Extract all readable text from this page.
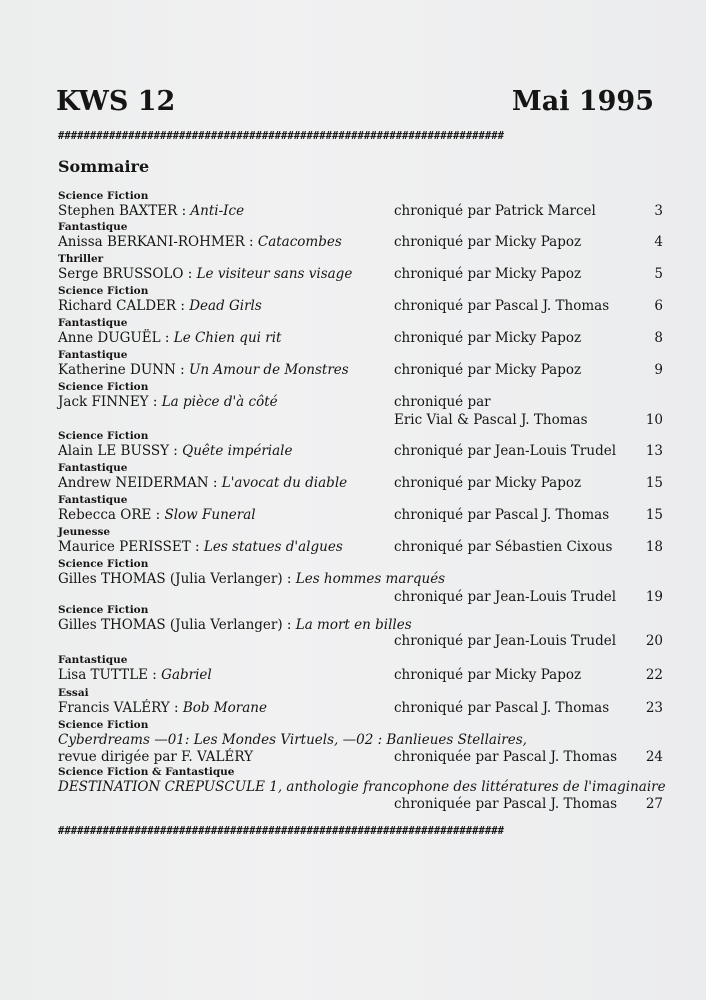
KWS 12	Mai 1995
######################################################################
Sommaire
Science Fiction
Stephen BAXTER : Anti-Ice	chroniqué par Patrick Marcel	3
Fantastique
Anissa BERKANI-ROHMER : Catacombes	chroniqué par Micky Papoz	4
Thriller
Serge BRUSSOLO : Le visiteur sans visage	chroniqué par Micky Papoz	5
Science Fiction
Richard CALDER : Dead Girls	chroniqué par Pascal J. Thomas	6
Fantastique
Anne DUGUËL : Le Chien qui rit	chroniqué par Micky Papoz	8
Fantastique
Katherine DUNN : Un Amour de Monstres	chroniqué par Micky Papoz	9
Science Fiction
Jack FINNEY : La pièce d'à côté	chroniqué par
Eric Vial & Pascal J. Thomas	10
Science Fiction
Alain LE BUSSY : Quête impériale	chroniqué par Jean-Louis Trudel	13
Fantastique
Andrew NEIDERMAN : L'avocat du diable	chroniqué par Micky Papoz	15
Fantastique
Rebecca ORE : Slow Funeral	chroniqué par Pascal J. Thomas	15
Jeunesse
Maurice PERISSET : Les statues d'algues	chroniqué par Sébastien Cixous	18
Science Fiction
Gilles THOMAS (Julia Verlanger) : Les hommes marqués
chroniqué par Jean-Louis Trudel	19
Science Fiction
Gilles THOMAS (Julia Verlanger) : La mort en billes
chroniqué par Jean-Louis Trudel	20
Fantastique
Lisa TUTTLE : Gabriel	chroniqué par Micky Papoz	22
Essai
Francis VALÉRY : Bob Morane	chroniqué par Pascal J. Thomas	23
Science Fiction
Cyberdreams —01: Les Mondes Virtuels, —02 : Banlieues Stellaires,
revue dirigée par F. VALÉRY	chroniquée par Pascal J. Thomas	24
Science Fiction & Fantastique
DESTINATION CREPUSCULE 1, anthologie francophone des littératures de l'imaginaire
chroniquée par Pascal J. Thomas	27
######################################################################
